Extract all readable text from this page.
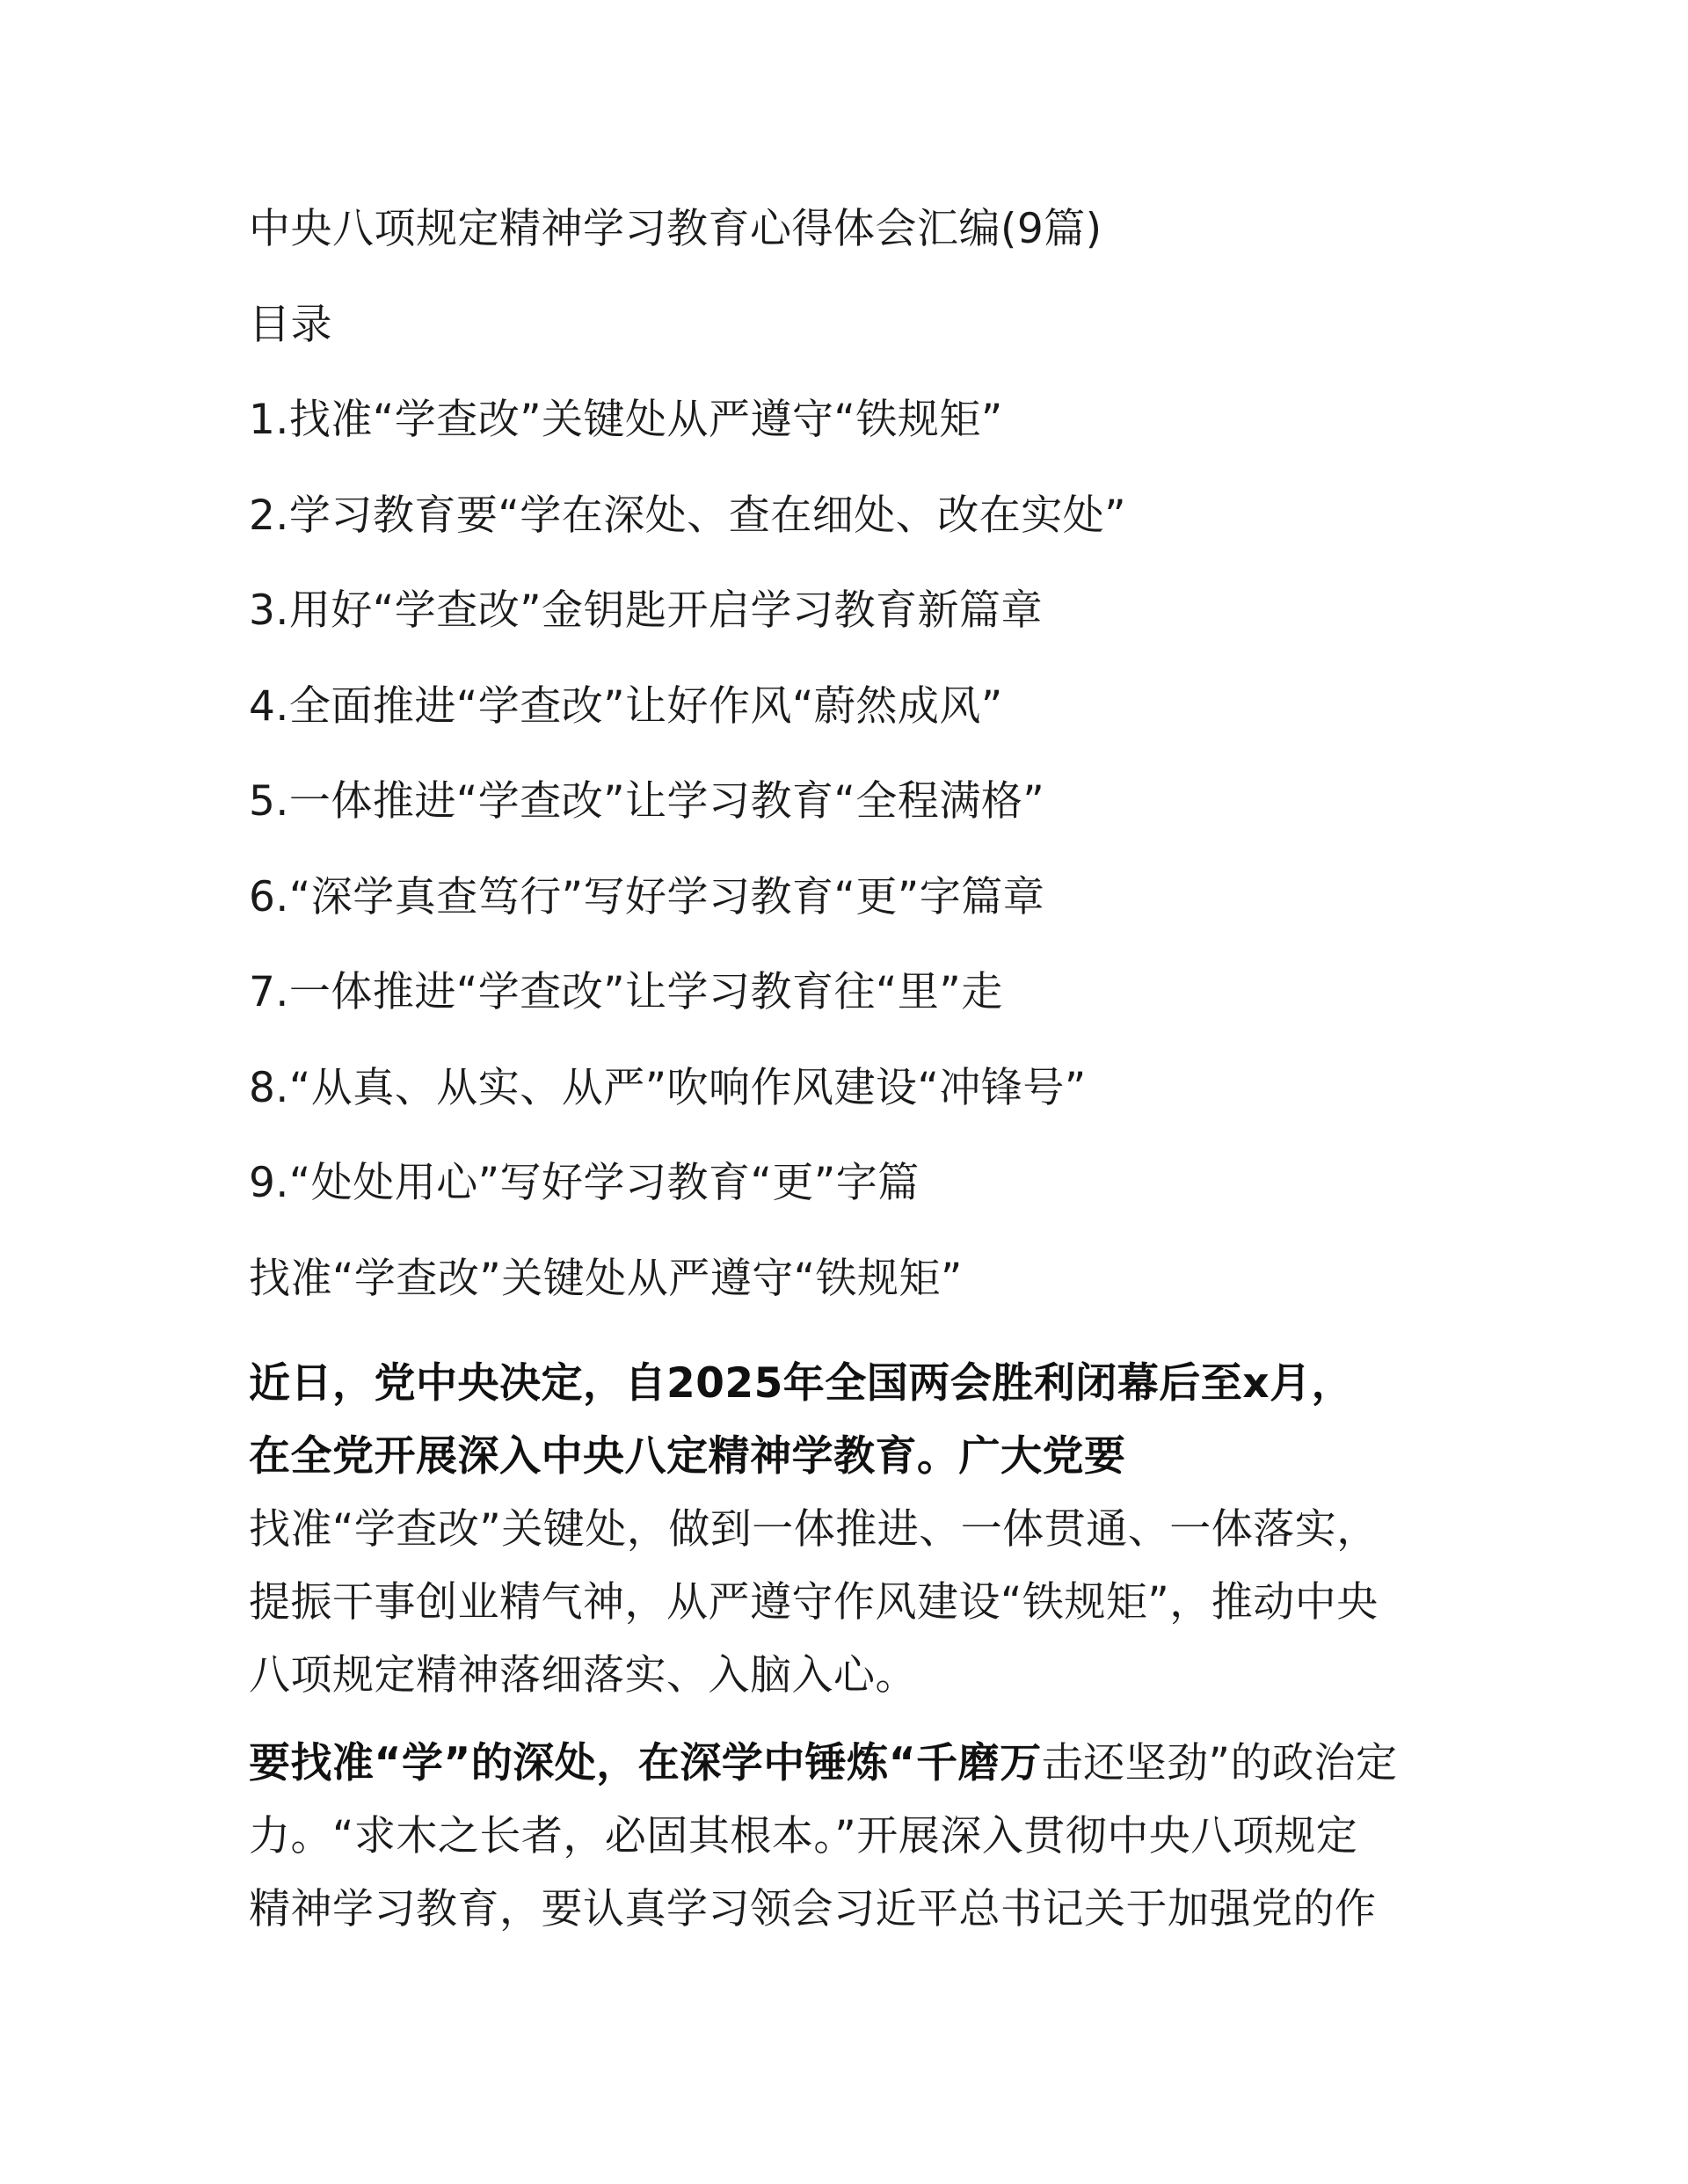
中央八项规定精神学习教育心得体会汇编(9篇)
目录
1.找准“学查改”关键处从严遵守“铁规矩”
2.学习教育要“学在深处、查在细处、改在实处”
3.用好“学查改”金钥匙开启学习教育新篇章
4.全面推进“学查改”让好作风“蔚然成风”
5.一体推进“学查改”让学习教育“全程满格”
6.“深学真查笃行”写好学习教育“更”字篇章
7.一体推进“学查改”让学习教育往“里”走
8.“从真、从实、从严”吹响作风建设“冲锋号”
9.“处处用心”写好学习教育“更”字篇
找准“学查改”关键处从严遵守“铁规矩”
近日，党中央决定，自2025年全国两会胜利闭幕后至x月，
在全党开展深入中央八定精神学教育。广大党要
找准“学查改”关键处，做到一体推进、一体贯通、一体落实，
提振干事创业精气神，从严遵守作风建设“铁规矩”，推动中央
八项规定精神落细落实、入脑入心。
要找准“学”的深处，在深学中锤炼“千磨万击还坚劲”的政治定
力。“求木之长者，必固其根本。”开展深入贯彻中央八项规定
精神学习教育，要认真学习领会习近平总书记关于加强党的作
